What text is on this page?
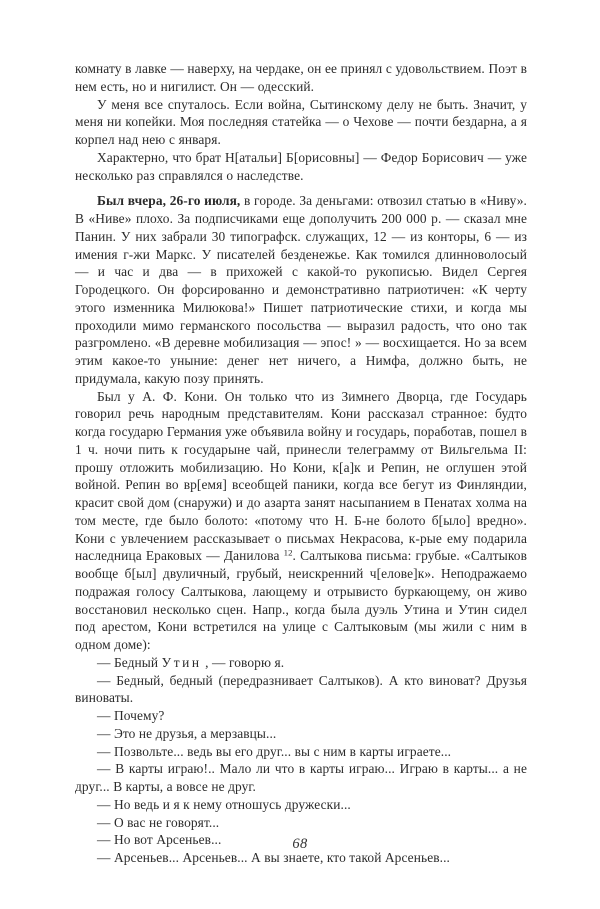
комнату в лавке — наверху, на чердаке, он ее принял с удовольствием. Поэт в нем есть, но и нигилист. Он — одесский.

У меня все спуталось. Если война, Сытинскому делу не быть. Значит, у меня ни копейки. Моя последняя статейка — о Чехове — почти бездарна, а я корпел над нею с января.

Характерно, что брат Н[атальи] Б[орисовны] — Федор Борисович — уже несколько раз справлялся о наследстве.

Был вчера, 26-го июля, в городе. За деньгами: отвозил статью в «Ниву». В «Ниве» плохо. За подписчиками еще дополучить 200 000 р. — сказал мне Панин. У них забрали 30 типографск. служащих, 12 — из конторы, 6 — из имения г-жи Маркс. У писателей безденежье. Как томился длинноволосый — и час и два — в прихожей с какой-то рукописью. Видел Сергея Городецкого. Он форсированно и демонстративно патриотичен: «К черту этого изменника Милюкова!» Пишет патриотические стихи, и когда мы проходили мимо германского посольства — выразил радость, что оно так разгромлено. «В деревне мобилизация — эпос! » — восхищается. Но за всем этим какое-то уныние: денег нет ничего, а Нимфа, должно быть, не придумала, какую позу принять.

Был у А. Ф. Кони. Он только что из Зимнего Дворца, где Государь говорил речь народным представителям. Кони рассказал странное: будто когда государю Германия уже объявила войну и государь, поработав, пошел в 1 ч. ночи пить к государыне чай, принесли телеграмму от Вильгельма II: прошу отложить мобилизацию. Но Кони, к[а]к и Репин, не оглушен этой войной. Репин во вр[емя] всеобщей паники, когда все бегут из Финляндии, красит свой дом (снаружи) и до азарта занят насыпанием в Пенатах холма на том месте, где было болото: «потому что Н. Б-не болото б[ыло] вредно». Кони с увлечением рассказывает о письмах Некрасова, к-рые ему подарила наследница Ераковых — Данилова $^{12}$. Салтыкова письма: грубые. «Салтыков вообще б[ыл] двуличный, грубый, неискренний ч[елове]к». Неподражаемо подражая голосу Салтыкова, лающему и отрывисто буркающему, он живо восстановил несколько сцен. Напр., когда была дуэль Утина и Утин сидел под арестом, Кони встретился на улице с Салтыковым (мы жили с ним в одном доме):

— Бедный Утин , — говорю я.

— Бедный, бедный (передразнивает Салтыков). А кто виноват? Друзья виноваты.

— Почему?

— Это не друзья, а мерзавцы...

— Позвольте... ведь вы его друг... вы с ним в карты играете...

— В карты играю!.. Мало ли что в карты играю... Играю в карты... а не друг... В карты, а вовсе не друг.

— Но ведь и я к нему отношусь дружески...

— О вас не говорят...

— Но вот Арсеньев...

— Арсеньев... Арсеньев... А вы знаете, кто такой Арсеньев...

68
